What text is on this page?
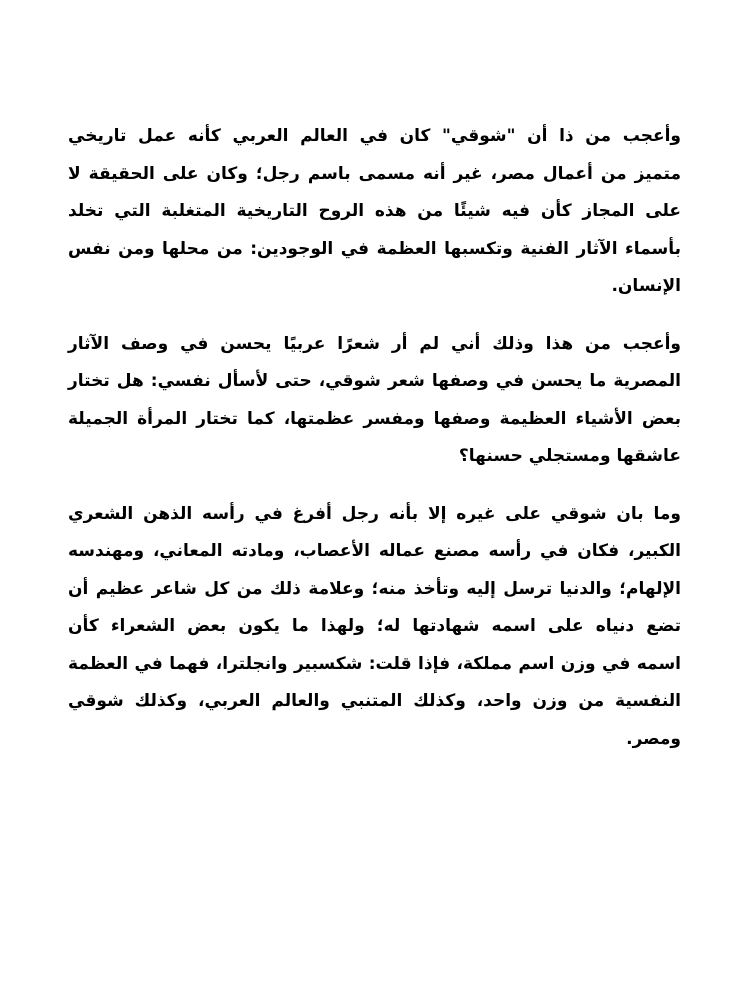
وأعجب من ذا أن "شوقي" كان في العالم العربي كأنه عمل تاريخي
متميز من أعمال مصر، غير أنه مسمى باسم رجل؛ وكان على الحقيقة لا
على المجاز كأن فيه شيئًا من هذه الروح التاريخية المتغلبة التي تخلد
بأسماء الآثار الفنية وتكسبها العظمة في الوجودين: من محلها ومن نفس
الإنسان.
وأعجب من هذا وذلك أني لم أر شعرًا عربيًا يحسن في وصف الآثار
المصرية ما يحسن في وصفها شعر شوقي، حتى لأسأل نفسي: هل تختار
بعض الأشياء العظيمة وصفها ومفسر عظمتها، كما تختار المرأة الجميلة
عاشقها ومستجلي حسنها؟
وما بان شوقي على غيره إلا بأنه رجل أفرغ في رأسه الذهن الشعري
الكبير، فكان في رأسه مصنع عماله الأعصاب، ومادته المعاني، ومهندسه
الإلهام؛ والدنيا ترسل إليه وتأخذ منه؛ وعلامة ذلك من كل شاعر عظيم أن
تضع دنياه على اسمه شهادتها له؛ ولهذا ما يكون بعض الشعراء كأن
اسمه في وزن اسم مملكة، فإذا قلت: شكسبير وانجلترا، فهما في العظمة
النفسية من وزن واحد، وكذلك المتنبي والعالم العربي، وكذلك شوقي
ومصر.
